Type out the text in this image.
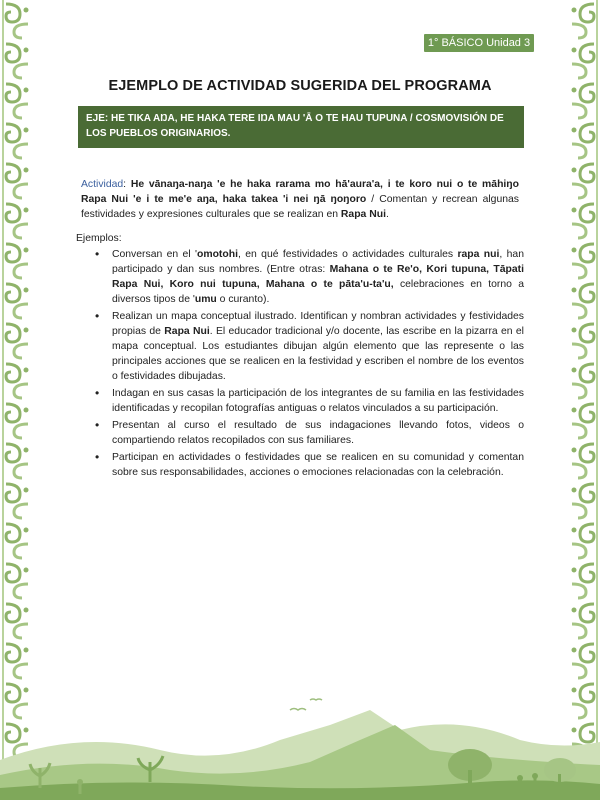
1° BÁSICO Unidad 3
EJEMPLO DE ACTIVIDAD SUGERIDA DEL PROGRAMA
EJE: HE TIKA AŊA, HE HAKA TERE IŊA MAU 'Ā O TE HAU TUPUNA / COSMOVISIÓN DE LOS PUEBLOS ORIGINARIOS.
Actividad: He vānaŋa-naŋa 'e he haka rarama mo hā'aura'a, i te koro nui o te māhiŋo Rapa Nui 'e i te me'e aŋa, haka takea 'i nei ŋā ŋoŋoro / Comentan y recrean algunas festividades y expresiones culturales que se realizan en Rapa Nui.
Ejemplos:
• Conversan en el 'omotohi, en qué festividades o actividades culturales rapa nui, han participado y dan sus nombres. (Entre otras: Mahana o te Re'o, Kori tupuna, Tāpati Rapa Nui, Koro nui tupuna, Mahana o te pāta'u-ta'u, celebraciones en torno a diversos tipos de 'umu o curanto).
• Realizan un mapa conceptual ilustrado. Identifican y nombran actividades y festividades propias de Rapa Nui. El educador tradicional y/o docente, las escribe en la pizarra en el mapa conceptual. Los estudiantes dibujan algún elemento que las represente o las principales acciones que se realicen en la festividad y escriben el nombre de los eventos o festividades dibujadas.
• Indagan en sus casas la participación de los integrantes de su familia en las festividades identificadas y recopilan fotografías antiguas o relatos vinculados a su participación.
• Presentan al curso el resultado de sus indagaciones llevando fotos, videos o compartiendo relatos recopilados con sus familiares.
• Participan en actividades o festividades que se realicen en su comunidad y comentan sobre sus responsabilidades, acciones o emociones relacionadas con la celebración.
